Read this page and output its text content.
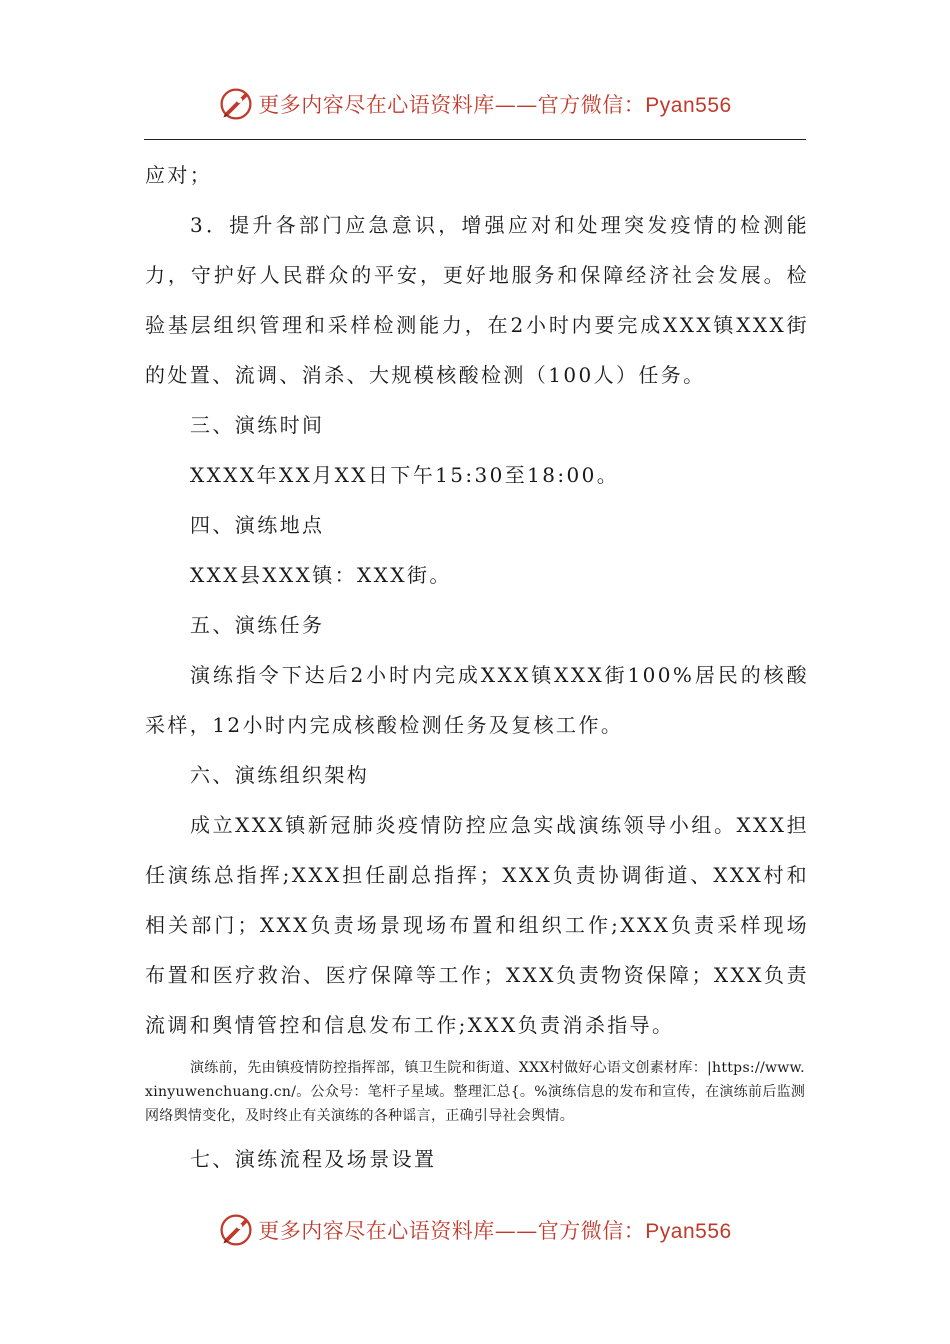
更多内容尽在心语资料库——官方微信：Pyan556

应对；

3．提升各部门应急意识，增强应对和处理突发疫情的检测能力，守护好人民群众的平安，更好地服务和保障经济社会发展。检验基层组织管理和采样检测能力，在2小时内要完成XXX镇XXX街的处置、流调、消杀、大规模核酸检测（100人）任务。

三、演练时间

XXXX年XX月XX日下午15:30至18:00。

四、演练地点

XXX县XXX镇：XXX街。

五、演练任务

演练指令下达后2小时内完成XXX镇XXX街100%居民的核酸采样，12小时内完成核酸检测任务及复核工作。

六、演练组织架构

成立XXX镇新冠肺炎疫情防控应急实战演练领导小组。XXX担任演练总指挥;XXX担任副总指挥；XXX负责协调街道、XXX村和相关部门；XXX负责场景现场布置和组织工作;XXX负责采样现场布置和医疗救治、医疗保障等工作；XXX负责物资保障；XXX负责流调和舆情管控和信息发布工作;XXX负责消杀指导。

演练前，先由镇疫情防控指挥部，镇卫生院和街道、XXX村做好心语文创素材库：|https://www.xinyuwenchuang.cn/。公众号：笔杆子星域。整理汇总{。%演练信息的发布和宣传，在演练前后监测网络舆情变化，及时终止有关演练的各种谣言，正确引导社会舆情。

七、演练流程及场景设置

更多内容尽在心语资料库——官方微信：Pyan556
